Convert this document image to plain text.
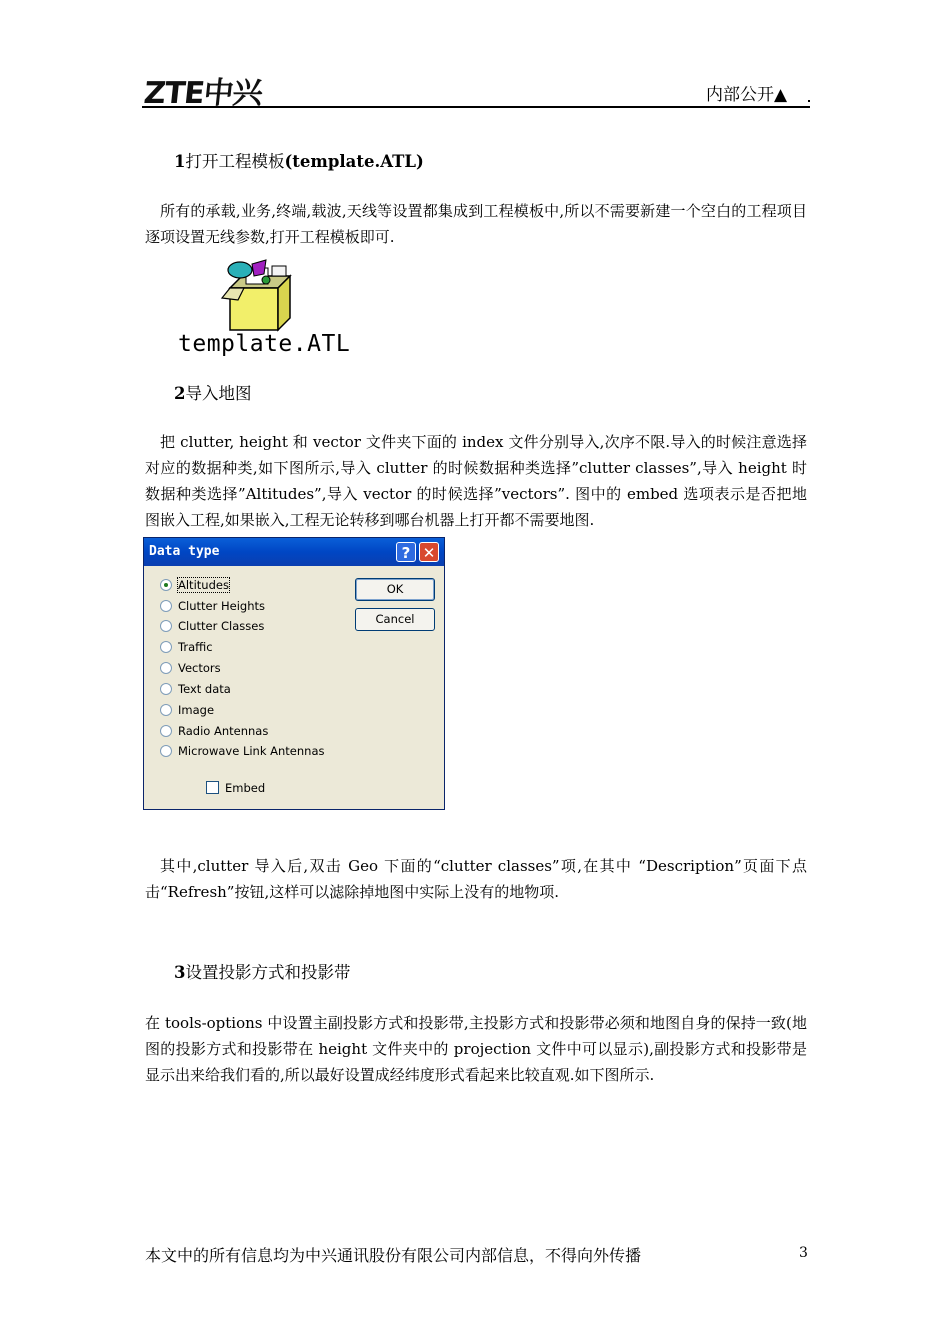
ZTE中兴	内部公开▲
1打开工程模板(template.ATL)
所有的承载,业务,终端,载波,天线等设置都集成到工程模板中,所以不需要新建一个空白的工程项目逐项设置无线参数,打开工程模板即可.
template.ATL
2导入地图
把 clutter, height 和 vector 文件夹下面的 index 文件分别导入,次序不限.导入的时候注意选择对应的数据种类,如下图所示,导入 clutter 的时候数据种类选择”clutter classes”,导入 height 时数据种类选择”Altitudes”,导入 vector 的时候选择”vectors”. 图中的 embed 选项表示是否把地图嵌入工程,如果嵌入,工程无论转移到哪台机器上打开都不需要地图.
Data type	? ✕
Altitudes
Clutter Heights
Clutter Classes
Traffic
Vectors
Text data
Image
Radio Antennas
Microwave Link Antennas
OK
Cancel
Embed
其中,clutter 导入后,双击 Geo 下面的“clutter classes”项,在其中 “Description”页面下点击“Refresh”按钮,这样可以滤除掉地图中实际上没有的地物项.
3设置投影方式和投影带
在 tools-options 中设置主副投影方式和投影带,主投影方式和投影带必须和地图自身的保持一致(地图的投影方式和投影带在 height 文件夹中的 projection 文件中可以显示),副投影方式和投影带是显示出来给我们看的,所以最好设置成经纬度形式看起来比较直观.如下图所示.
本文中的所有信息均为中兴通讯股份有限公司内部信息，不得向外传播	3
